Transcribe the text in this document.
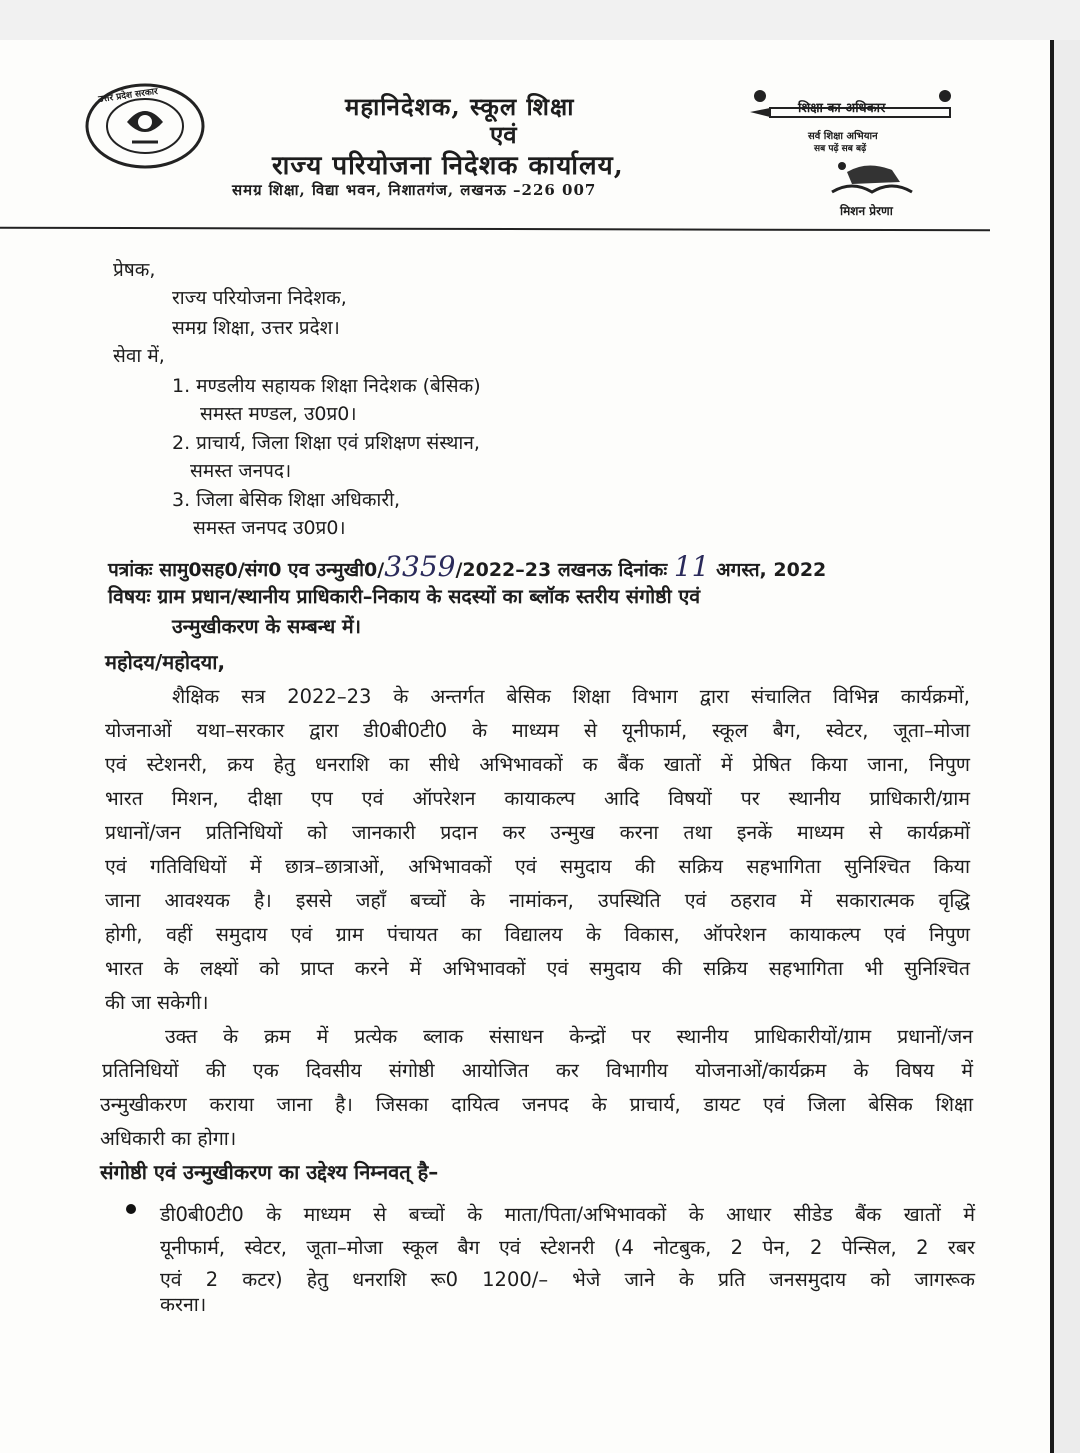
उत्तर प्रदेश सरकार	महानिदेशक, स्कूल शिक्षा
एवं
राज्य परियोजना निदेशक कार्यालय,
समग्र शिक्षा, विद्या भवन, निशातगंज, लखनऊ –226 007
शिक्षा का अधिकार
सर्व शिक्षा अभियान
सब पढ़ें सब बढ़ें
मिशन प्रेरणा
प्रेषक,
राज्य परियोजना निदेशक,
समग्र शिक्षा, उत्तर प्रदेश।
सेवा में,
1. मण्डलीय सहायक शिक्षा निदेशक (बेसिक)
समस्त मण्डल, उ0प्र0।
2. प्राचार्य, जिला शिक्षा एवं प्रशिक्षण संस्थान,
समस्त जनपद।
3. जिला बेसिक शिक्षा अधिकारी,
समस्त जनपद उ0प्र0।
पत्रांकः सामु0सह0/संग0 एव उन्मुखी0/3359/2022–23 लखनऊ दिनांकः 11 अगस्त, 2022
विषयः ग्राम प्रधान/स्थानीय प्राधिकारी–निकाय के सदस्यों का ब्लॉक स्तरीय संगोष्ठी एवं
उन्मुखीकरण के सम्बन्ध में।
महोदय/महोदया,
शैक्षिक सत्र 2022–23 के अन्तर्गत बेसिक शिक्षा विभाग द्वारा संचालित विभिन्न कार्यक्रमों,
योजनाओं यथा–सरकार द्वारा डी0बी0टी0 के माध्यम से यूनीफार्म, स्कूल बैग, स्वेटर, जूता–मोजा
एवं स्टेशनरी, क्रय हेतु धनराशि का सीधे अभिभावकों क बैंक खातों में प्रेषित किया जाना, निपुण
भारत मिशन, दीक्षा एप एवं ऑपरेशन कायाकल्प आदि विषयों पर स्थानीय प्राधिकारी/ग्राम
प्रधानों/जन प्रतिनिधियों को जानकारी प्रदान कर उन्मुख करना तथा इनकें माध्यम से कार्यक्रमों
एवं गतिविधियों में छात्र–छात्राओं, अभिभावकों एवं समुदाय की सक्रिय सहभागिता सुनिश्चित किया
जाना आवश्यक है। इससे जहॉं बच्चों के नामांकन, उपस्थिति एवं ठहराव में सकारात्मक वृद्धि
होगी, वहीं समुदाय एवं ग्राम पंचायत का विद्यालय के विकास, ऑपरेशन कायाकल्प एवं निपुण
भारत के लक्ष्यों को प्राप्त करने में अभिभावकों एवं समुदाय की सक्रिय सहभागिता भी सुनिश्चित
की जा सकेगी।
उक्त के क्रम में प्रत्येक ब्लाक संसाधन केन्द्रों पर स्थानीय प्राधिकारीयों/ग्राम प्रधानों/जन
प्रतिनिधियों की एक दिवसीय संगोष्ठी आयोजित कर विभागीय योजनाओं/कार्यक्रम के विषय में
उन्मुखीकरण कराया जाना है। जिसका दायित्व जनपद के प्राचार्य, डायट एवं जिला बेसिक शिक्षा
अधिकारी का होगा।
संगोष्ठी एवं उन्मुखीकरण का उद्देश्य निम्नवत् है–
डी0बी0टी0 के माध्यम से बच्चों के माता/पिता/अभिभावकों के आधार सीडेड बैंक खातों में
यूनीफार्म, स्वेटर, जूता–मोजा स्कूल बैग एवं स्टेशनरी (4 नोटबुक, 2 पेन, 2 पेन्सिल, 2 रबर
एवं 2 कटर) हेतु धनराशि रू0 1200/– भेजे जाने के प्रति जनसमुदाय को जागरूक
करना।
